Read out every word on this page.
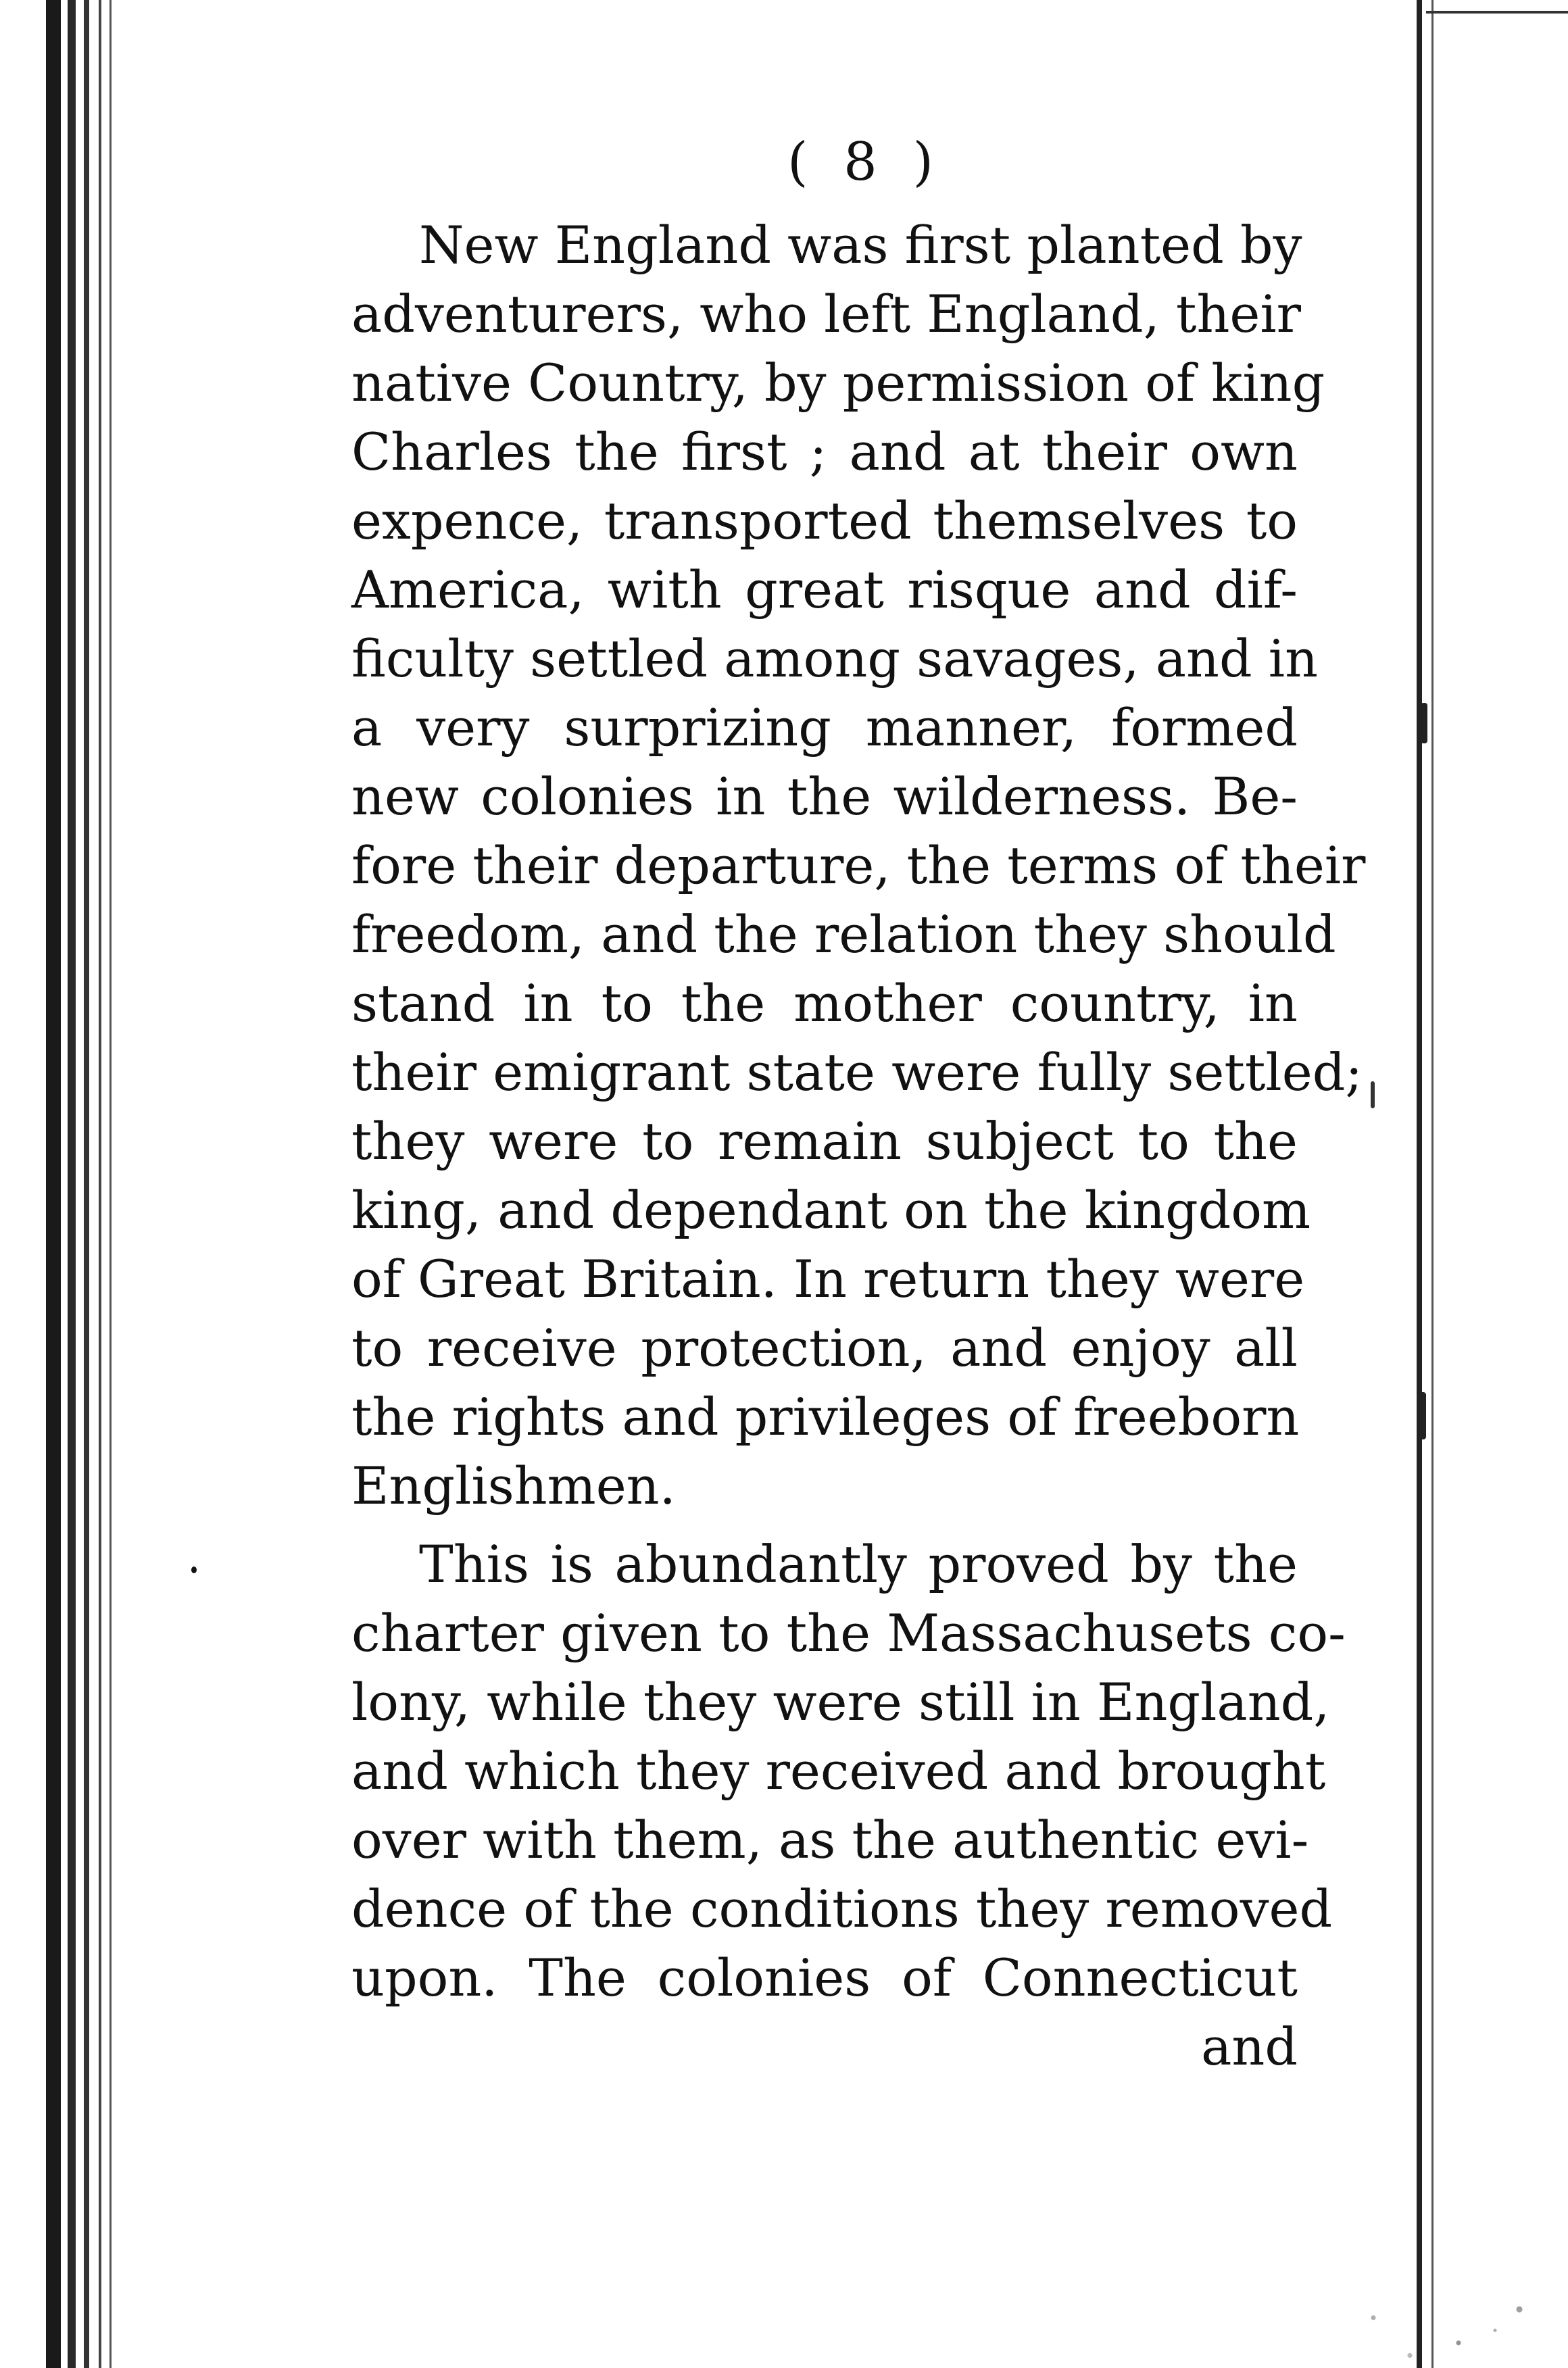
( 8 )

New England was first planted by
adventurers, who left England, their
native Country, by permission of king
Charles the first ; and at their own
expence, transported themselves to
America, with great risque and dif-
ficulty settled among savages, and in
a very surprizing manner, formed
new colonies in the wilderness. Be-
fore their departure, the terms of their
freedom, and the relation they should
stand in to the mother country, in
their emigrant state were fully settled;
they were to remain subject to the
king, and dependant on the kingdom
of Great Britain. In return they were
to receive protection, and enjoy all
the rights and privileges of freeborn
Englishmen.

This is abundantly proved by the
charter given to the Massachusets co-
lony, while they were still in England,
and which they received and brought
over with them, as the authentic evi-
dence of the conditions they removed
upon. The colonies of Connecticut

and
